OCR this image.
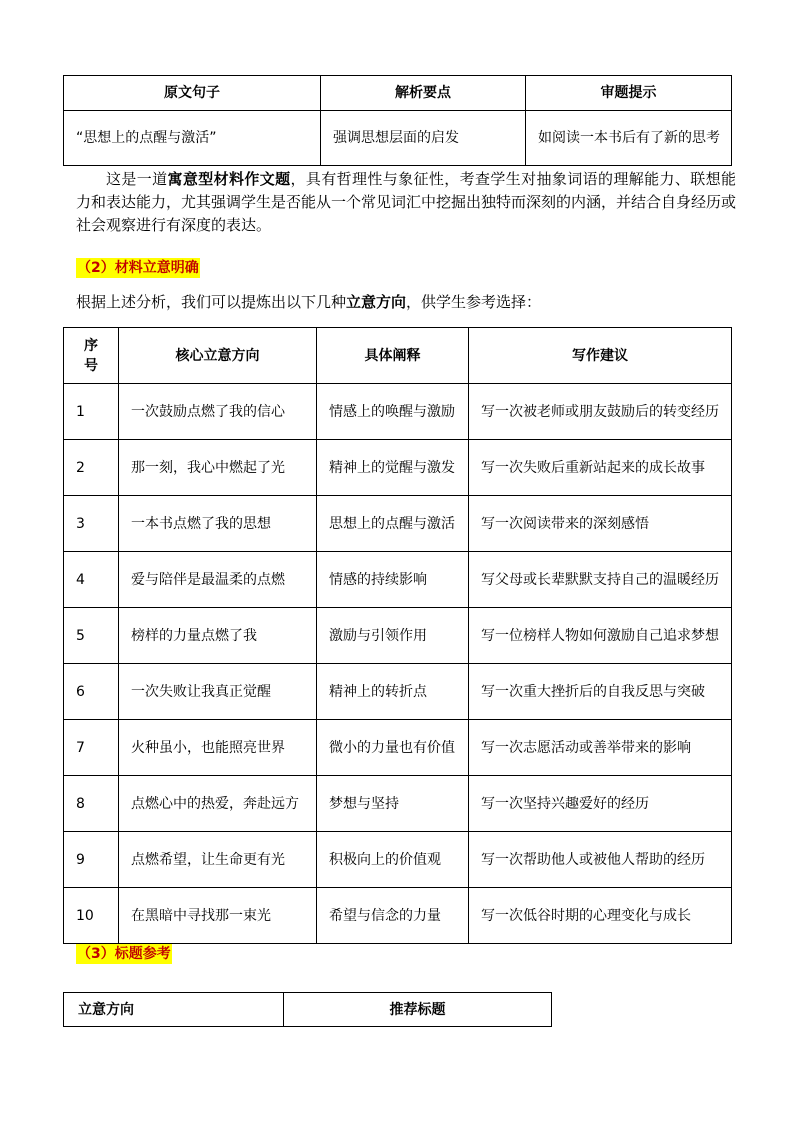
原文句子	解析要点	审题提示
“思想上的点醒与激活”	强调思想层面的启发	如阅读一本书后有了新的思考

这是一道寓意型材料作文题，具有哲理性与象征性，考查学生对抽象词语的理解能力、联想能力和表达能力，尤其强调学生是否能从一个常见词汇中挖掘出独特而深刻的内涵，并结合自身经历或社会观察进行有深度的表达。

（2）材料立意明确

根据上述分析，我们可以提炼出以下几种立意方向，供学生参考选择：

序号	核心立意方向	具体阐释	写作建议
1	一次鼓励点燃了我的信心	情感上的唤醒与激励	写一次被老师或朋友鼓励后的转变经历
2	那一刻，我心中燃起了光	精神上的觉醒与激发	写一次失败后重新站起来的成长故事
3	一本书点燃了我的思想	思想上的点醒与激活	写一次阅读带来的深刻感悟
4	爱与陪伴是最温柔的点燃	情感的持续影响	写父母或长辈默默支持自己的温暖经历
5	榜样的力量点燃了我	激励与引领作用	写一位榜样人物如何激励自己追求梦想
6	一次失败让我真正觉醒	精神上的转折点	写一次重大挫折后的自我反思与突破
7	火种虽小，也能照亮世界	微小的力量也有价值	写一次志愿活动或善举带来的影响
8	点燃心中的热爱，奔赴远方	梦想与坚持	写一次坚持兴趣爱好的经历
9	点燃希望，让生命更有光	积极向上的价值观	写一次帮助他人或被他人帮助的经历
10	在黑暗中寻找那一束光	希望与信念的力量	写一次低谷时期的心理变化与成长
（3）标题参考
立意方向	推荐标题
